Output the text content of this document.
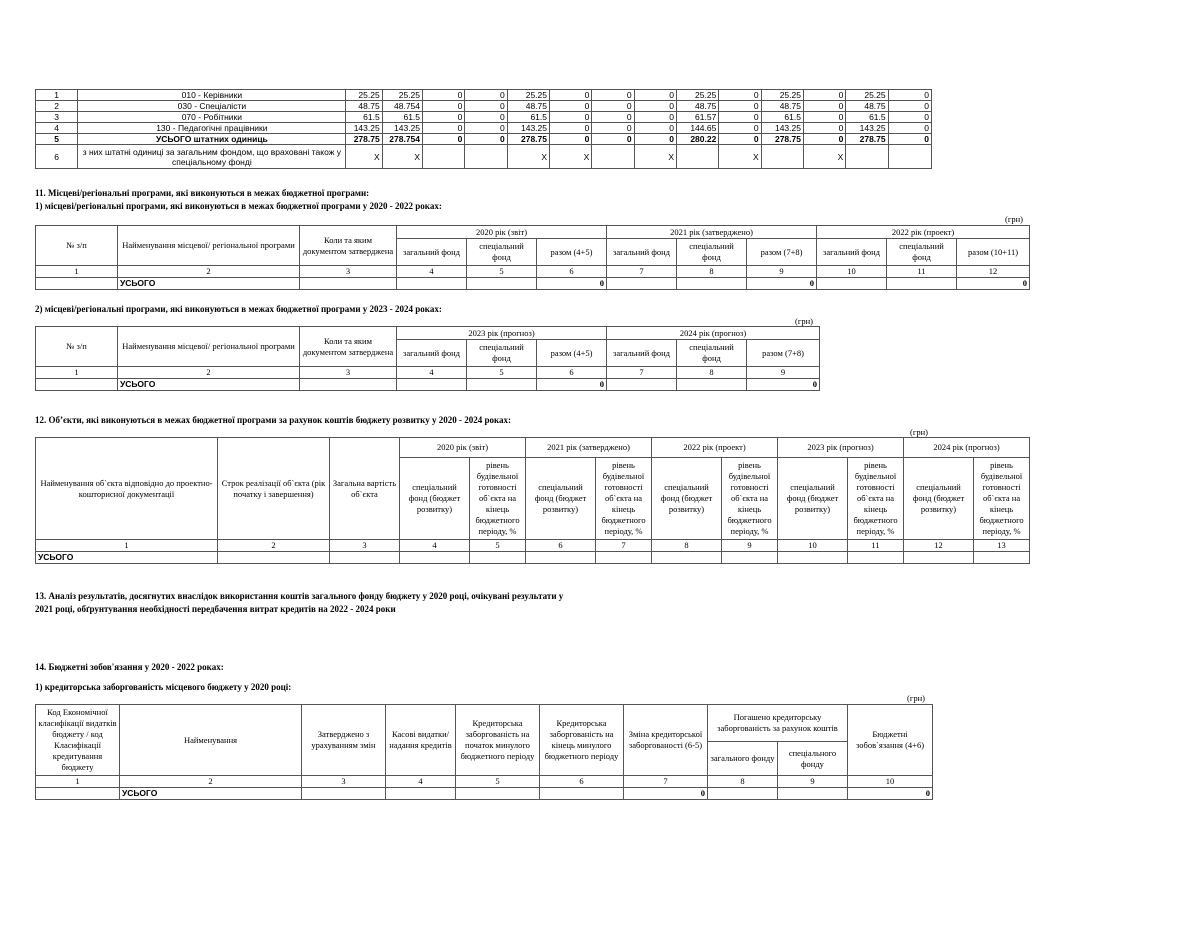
1	010 - Керівники	25.25	25.25	0	0	25.25	0	0	0	25.25	0	25.25	0	25.25	0
2	030 - Спеціалісти	48.75	48.754	0	0	48.75	0	0	0	48.75	0	48.75	0	48.75	0
3	070 - Робітники	61.5	61.5	0	0	61.5	0	0	0	61.57	0	61.5	0	61.5	0
4	130 - Педагогічні працівники	143.25	143.25	0	0	143.25	0	0	0	144.65	0	143.25	0	143.25	0
5	УСЬОГО штатних одиниць	278.75	278.754	0	0	278.75	0	0	0	280.22	0	278.75	0	278.75	0
6	з них штатні одиниці за загальним фондом, що враховані також у спеціальному фонді	X	X			X	X		X		X		X		
11. Місцеві/регіональні програми, які виконуються в межах бюджетної програми:
1) місцеві/регіональні програми, які виконуються в межах бюджетної програми у 2020 - 2022 роках:
(грн)
№ з/п	Найменування місцевої/ регіональної програми	Коли та яким документом затверджена	2020 рік (звіт)			2021 рік (затверджено)			2022 рік (проект)		
			загальний фонд	спеціальний фонд	разом (4+5)	загальний фонд	спеціальний фонд	разом (7+8)	загальний фонд	спеціальний фонд	разом (10+11)
1	2	3	4	5	6	7	8	9	10	11	12
	УСЬОГО				0			0			0
2) місцеві/регіональні програми, які виконуються в межах бюджетної програми у 2023 - 2024 роках:
(грн)
№ з/п	Найменування місцевої/ регіональної програми	Коли та яким документом затверджена	2023 рік (прогноз)			2024 рік (прогноз)		
			загальний фонд	спеціальний фонд	разом (4+5)	загальний фонд	спеціальний фонд	разом (7+8)
1	2	3	4	5	6	7	8	9
	УСЬОГО				0			0
12. Об’єкти, які виконуються в межах бюджетної програми за рахунок коштів бюджету розвитку у 2020 - 2024 роках:
(грн)
Найменування об`єкта відповідно до проектно-кошторисної документації	Строк реалізації об`єкта (рік початку і завершення)	Загальна вартість об`єкта	2020 рік (звіт)		2021 рік (затверджено)		2022 рік (проект)		2023 рік (прогноз)		2024 рік (прогноз)	
			спеціальний фонд (бюджет розвитку)	рівень будівельної готовності об`єкта на кінець бюджетного періоду, %	спеціальний фонд (бюджет розвитку)	рівень будівельної готовності об`єкта на кінець бюджетного періоду, %	спеціальний фонд (бюджет розвитку)	рівень будівельної готовності об`єкта на кінець бюджетного періоду, %	спеціальний фонд (бюджет розвитку)	рівень будівельної готовності об`єкта на кінець бюджетного періоду, %	спеціальний фонд (бюджет розвитку)	рівень будівельної готовності об`єкта на кінець бюджетного періоду, %
1	2	3	4	5	6	7	8	9	10	11	12	13
УСЬОГО												
13. Аналіз результатів, досягнутих внаслідок використання коштів загального фонду бюджету у 2020 році, очікувані результати у
2021 році, обґрунтування необхідності передбачення витрат кредитів на 2022 - 2024 роки
14. Бюджетні зобов'язання у 2020 - 2022 роках:
1) кредиторська заборгованість місцевого бюджету у 2020 році:
(грн)
Код Економічної класифікації видатків бюджету / код Класифікації кредитування бюджету	Найменування	Затверджено з урахуванням змін	Касові видатки/ надання кредитів	Кредиторська заборгованість на початок минулого бюджетного періоду	Кредиторська заборгованість на кінець минулого бюджетного періоду	Зміна кредиторської заборгованості (6-5)	Погашено кредиторську заборгованість за рахунок коштів		Бюджетні зобов`язання (4+6)
							загального фонду	спеціального фонду	
1	2	3	4	5	6	7	8	9	10
	УСЬОГО					0			0
